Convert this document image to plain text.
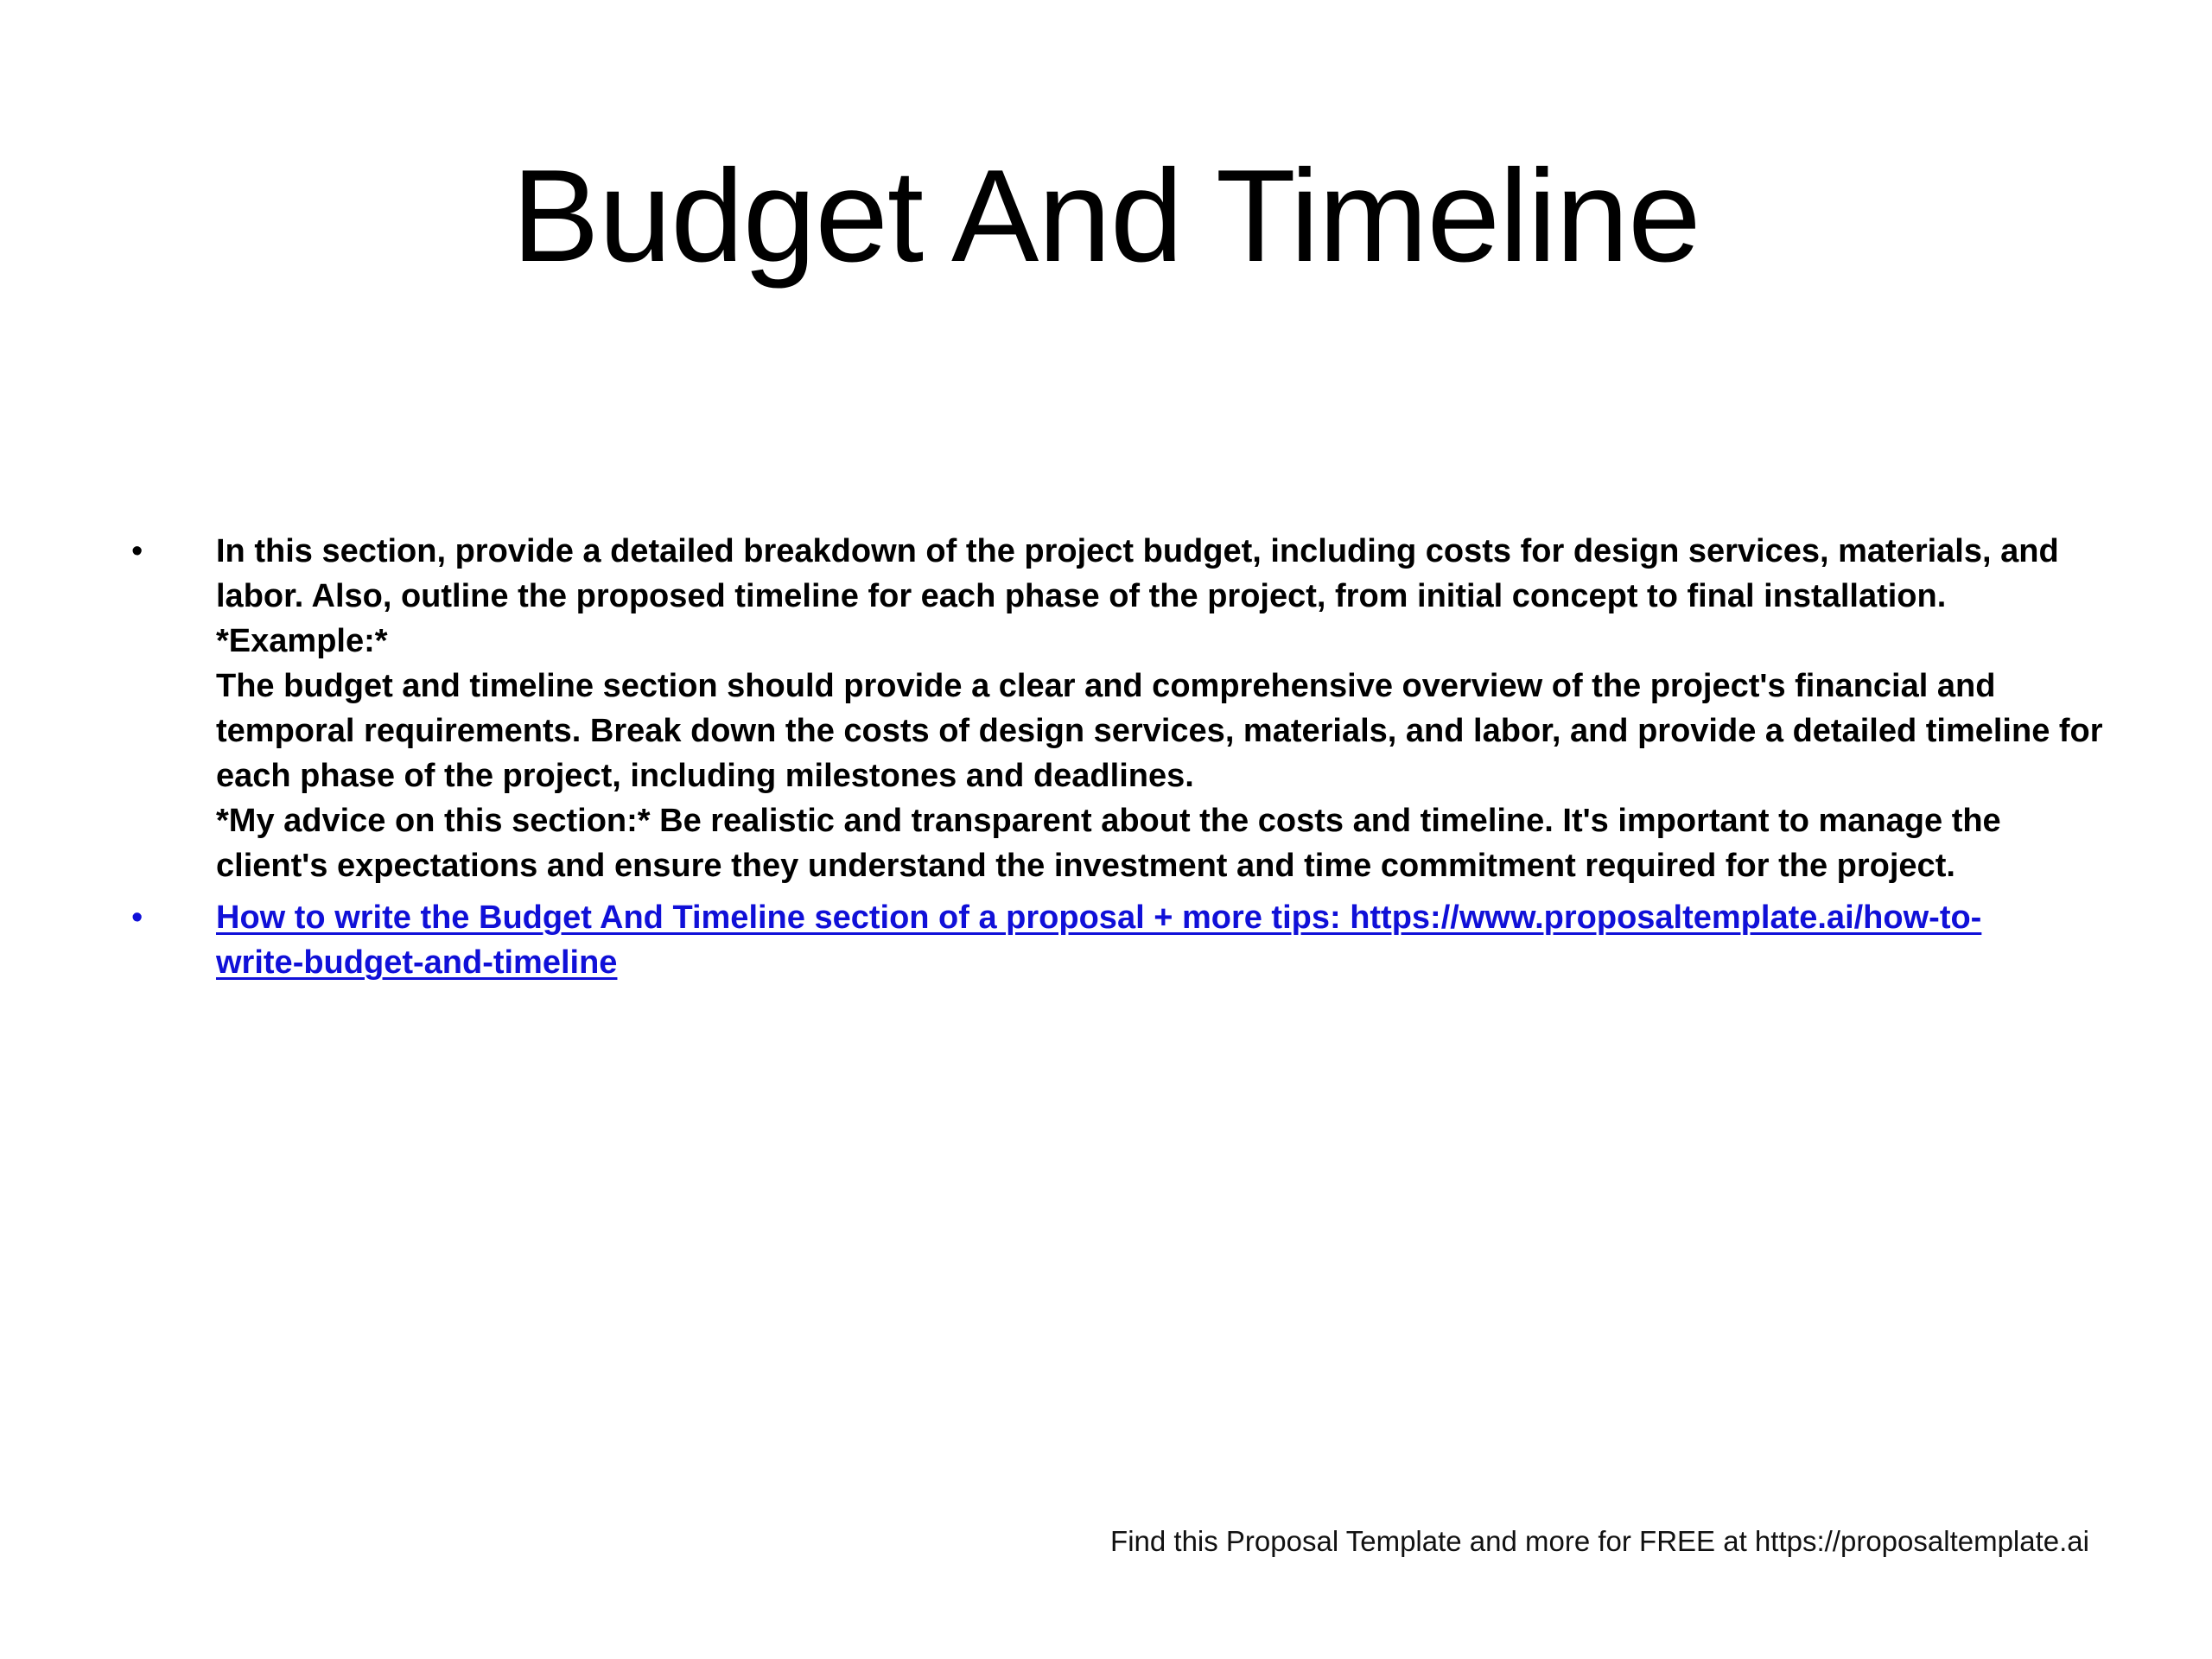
Budget And Timeline
•	In this section, provide a detailed breakdown of the project budget, including costs for design services, materials, and
labor. Also, outline the proposed timeline for each phase of the project, from initial concept to final installation.
*Example:*
The budget and timeline section should provide a clear and comprehensive overview of the project's financial and
temporal requirements. Break down the costs of design services, materials, and labor, and provide a detailed timeline for
each phase of the project, including milestones and deadlines.
*My advice on this section:* Be realistic and transparent about the costs and timeline. It's important to manage the
client's expectations and ensure they understand the investment and time commitment required for the project.
•	How to write the Budget And Timeline section of a proposal + more tips: https://www.proposaltemplate.ai/how-to-
write-budget-and-timeline
Find this Proposal Template and more for FREE at https://proposaltemplate.ai
